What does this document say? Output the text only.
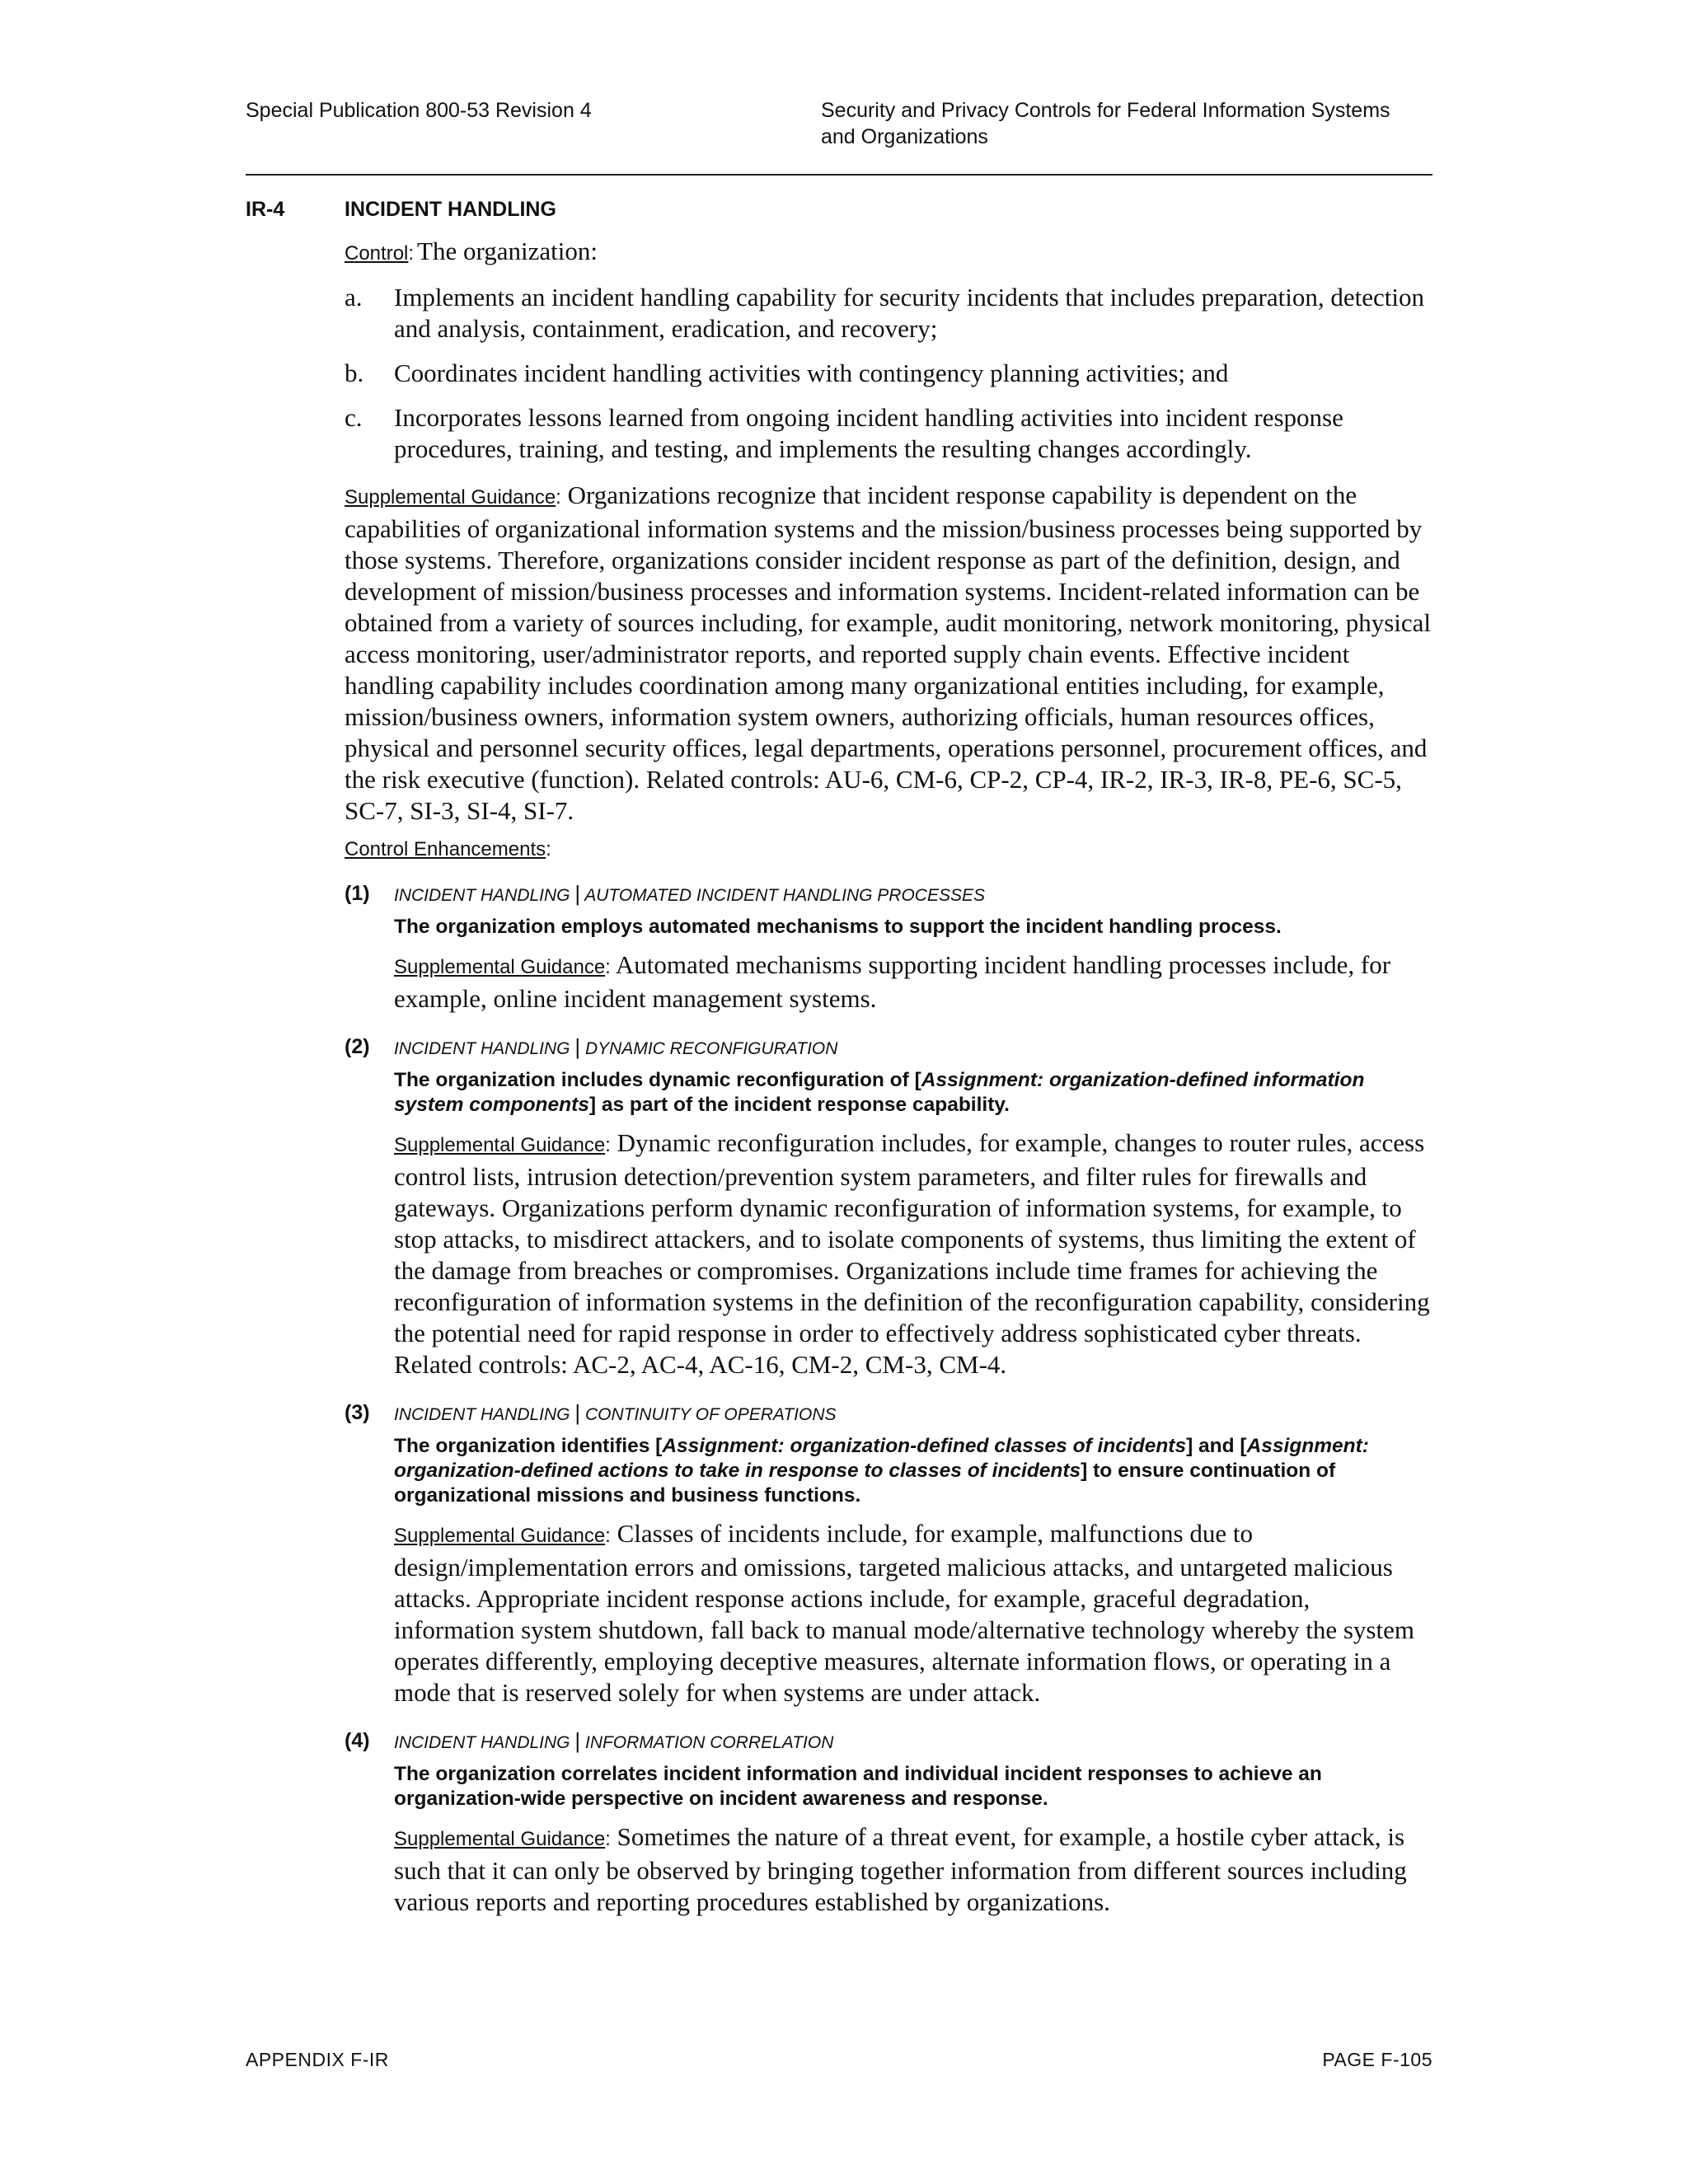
Special Publication 800-53 Revision 4	Security and Privacy Controls for Federal Information Systems
and Organizations
IR-4	INCIDENT HANDLING

Control: The organization:

a.	Implements an incident handling capability for security incidents that includes preparation, detection and analysis, containment, eradication, and recovery;
b.	Coordinates incident handling activities with contingency planning activities; and
c.	Incorporates lessons learned from ongoing incident handling activities into incident response procedures, training, and testing, and implements the resulting changes accordingly.

Supplemental Guidance: Organizations recognize that incident response capability is dependent on the capabilities of organizational information systems and the mission/business processes being supported by those systems. Therefore, organizations consider incident response as part of the definition, design, and development of mission/business processes and information systems. Incident-related information can be obtained from a variety of sources including, for example, audit monitoring, network monitoring, physical access monitoring, user/administrator reports, and reported supply chain events. Effective incident handling capability includes coordination among many organizational entities including, for example, mission/business owners, information system owners, authorizing officials, human resources offices, physical and personnel security offices, legal departments, operations personnel, procurement offices, and the risk executive (function). Related controls: AU-6, CM-6, CP-2, CP-4, IR-2, IR-3, IR-8, PE-6, SC-5, SC-7, SI-3, SI-4, SI-7.

Control Enhancements:

(1)	INCIDENT HANDLING | AUTOMATED INCIDENT HANDLING PROCESSES
The organization employs automated mechanisms to support the incident handling process.
Supplemental Guidance: Automated mechanisms supporting incident handling processes include, for example, online incident management systems.
(2)	INCIDENT HANDLING | DYNAMIC RECONFIGURATION
The organization includes dynamic reconfiguration of [Assignment: organization-defined information system components] as part of the incident response capability.
Supplemental Guidance: Dynamic reconfiguration includes, for example, changes to router rules, access control lists, intrusion detection/prevention system parameters, and filter rules for firewalls and gateways. Organizations perform dynamic reconfiguration of information systems, for example, to stop attacks, to misdirect attackers, and to isolate components of systems, thus limiting the extent of the damage from breaches or compromises. Organizations include time frames for achieving the reconfiguration of information systems in the definition of the reconfiguration capability, considering the potential need for rapid response in order to effectively address sophisticated cyber threats. Related controls: AC-2, AC-4, AC-16, CM-2, CM-3, CM-4.
(3)	INCIDENT HANDLING | CONTINUITY OF OPERATIONS
The organization identifies [Assignment: organization-defined classes of incidents] and [Assignment: organization-defined actions to take in response to classes of incidents] to ensure continuation of organizational missions and business functions.
Supplemental Guidance: Classes of incidents include, for example, malfunctions due to design/implementation errors and omissions, targeted malicious attacks, and untargeted malicious attacks. Appropriate incident response actions include, for example, graceful degradation, information system shutdown, fall back to manual mode/alternative technology whereby the system operates differently, employing deceptive measures, alternate information flows, or operating in a mode that is reserved solely for when systems are under attack.
(4)	INCIDENT HANDLING | INFORMATION CORRELATION
The organization correlates incident information and individual incident responses to achieve an organization-wide perspective on incident awareness and response.
Supplemental Guidance: Sometimes the nature of a threat event, for example, a hostile cyber attack, is such that it can only be observed by bringing together information from different sources including various reports and reporting procedures established by organizations.
APPENDIX F-IR	PAGE F-105
